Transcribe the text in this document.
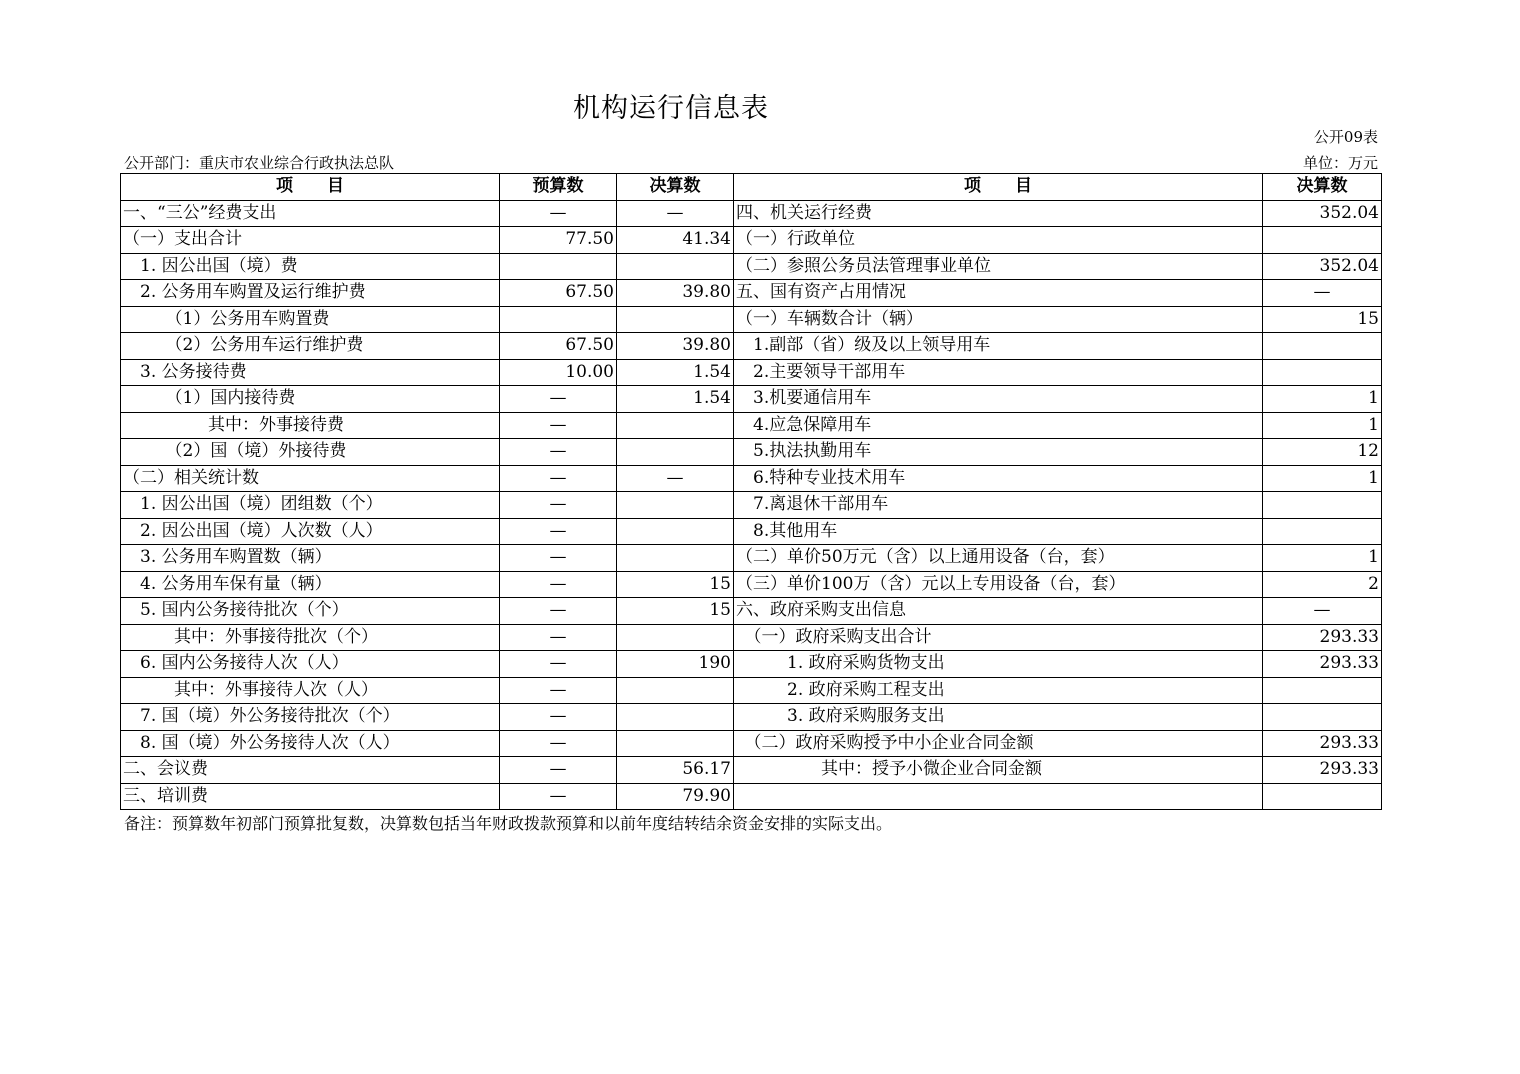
机构运行信息表
公开09表
公开部门：重庆市农业综合行政执法总队	单位：万元
项　　目	预算数	决算数	项　　目	决算数
一、“三公”经费支出	—	—	四、机关运行经费	352.04
（一）支出合计	77.50	41.34	（一）行政单位	
　1. 因公出国（境）费			（二）参照公务员法管理事业单位	352.04
　2. 公务用车购置及运行维护费	67.50	39.80	五、国有资产占用情况	—
　　　（1）公务用车购置费			（一）车辆数合计（辆）	15
　　　（2）公务用车运行维护费	67.50	39.80	　1.副部（省）级及以上领导用车	
　3. 公务接待费	10.00	1.54	　2.主要领导干部用车	
　　　（1）国内接待费	—	1.54	　3.机要通信用车	1
　　　　　其中：外事接待费	—		　4.应急保障用车	1
　　　（2）国（境）外接待费	—		　5.执法执勤用车	12
（二）相关统计数	—	—	　6.特种专业技术用车	1
　1. 因公出国（境）团组数（个）	—		　7.离退休干部用车	
　2. 因公出国（境）人次数（人）	—		　8.其他用车	
　3. 公务用车购置数（辆）	—		（二）单价50万元（含）以上通用设备（台，套）	1
　4. 公务用车保有量（辆）	—	15	（三）单价100万（含）元以上专用设备（台，套）	2
　5. 国内公务接待批次（个）	—	15	六、政府采购支出信息	—
　　　其中：外事接待批次（个）	—		　（一）政府采购支出合计	293.33
　6. 国内公务接待人次（人）	—	190	　　　1. 政府采购货物支出	293.33
　　　其中：外事接待人次（人）	—		　　　2. 政府采购工程支出	
　7. 国（境）外公务接待批次（个）	—		　　　3. 政府采购服务支出	
　8. 国（境）外公务接待人次（人）	—		　（二）政府采购授予中小企业合同金额	293.33
二、会议费	—	56.17	　　　　　其中：授予小微企业合同金额	293.33
三、培训费	—	79.90		
备注：预算数年初部门预算批复数，决算数包括当年财政拨款预算和以前年度结转结余资金安排的实际支出。
